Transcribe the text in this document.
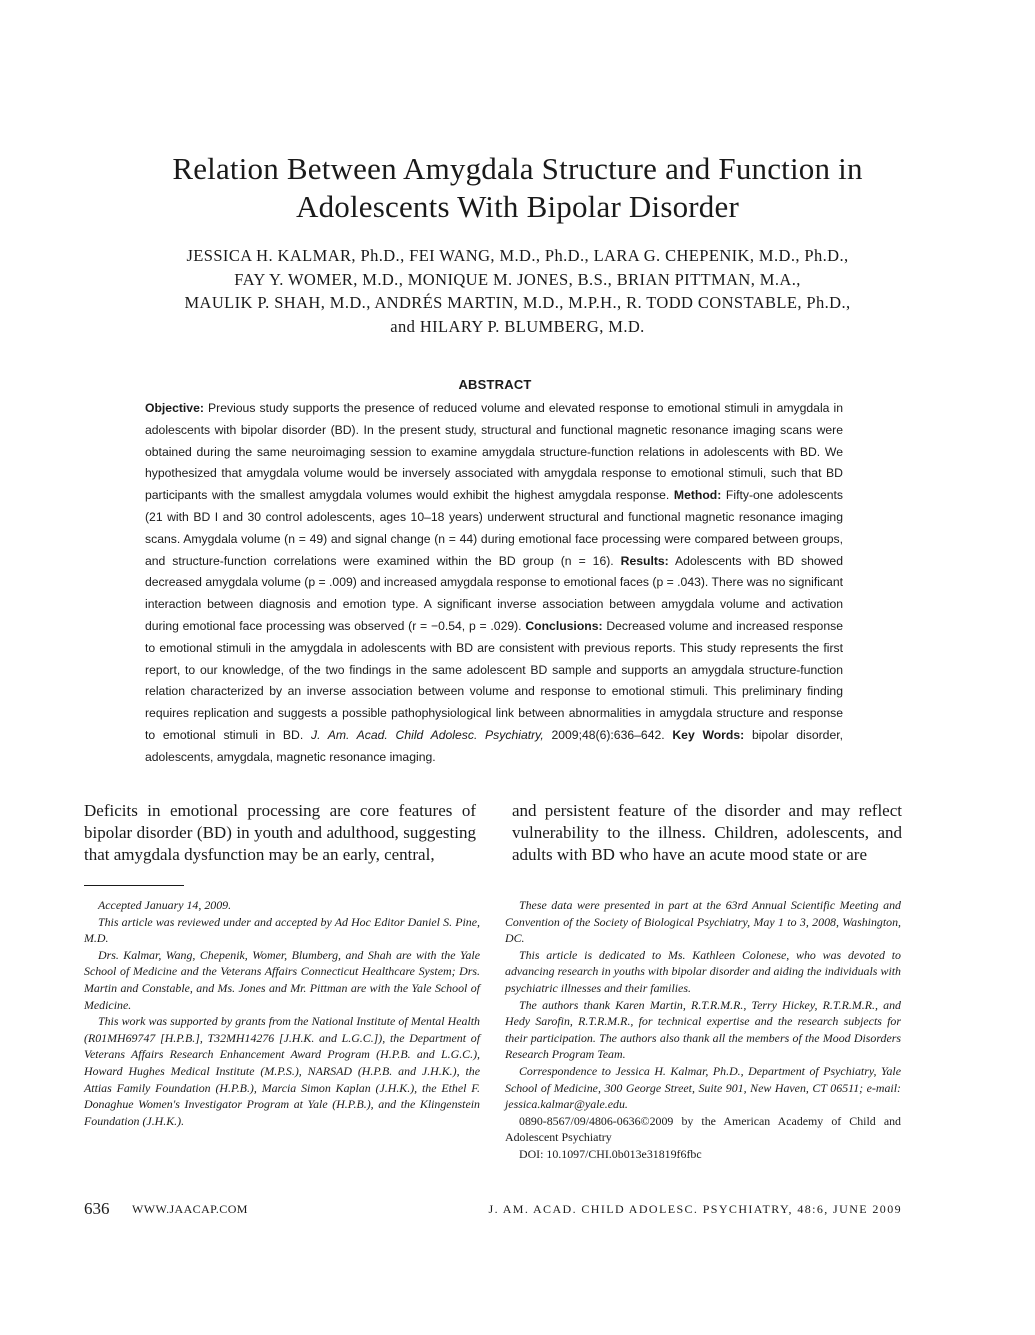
Relation Between Amygdala Structure and Function in
Adolescents With Bipolar Disorder
JESSICA H. KALMAR, Ph.D., FEI WANG, M.D., Ph.D., LARA G. CHEPENIK, M.D., Ph.D.,
FAY Y. WOMER, M.D., MONIQUE M. JONES, B.S., BRIAN PITTMAN, M.A.,
MAULIK P. SHAH, M.D., ANDRÉS MARTIN, M.D., M.P.H., R. TODD CONSTABLE, Ph.D.,
and HILARY P. BLUMBERG, M.D.
ABSTRACT
Objective: Previous study supports the presence of reduced volume and elevated response to emotional stimuli in amygdala in adolescents with bipolar disorder (BD). In the present study, structural and functional magnetic resonance imaging scans were obtained during the same neuroimaging session to examine amygdala structure-function relations in adolescents with BD. We hypothesized that amygdala volume would be inversely associated with amygdala response to emotional stimuli, such that BD participants with the smallest amygdala volumes would exhibit the highest amygdala response. Method: Fifty-one adolescents (21 with BD I and 30 control adolescents, ages 10–18 years) underwent structural and functional magnetic resonance imaging scans. Amygdala volume (n = 49) and signal change (n = 44) during emotional face processing were compared between groups, and structure-function correlations were examined within the BD group (n = 16). Results: Adolescents with BD showed decreased amygdala volume (p = .009) and increased amygdala response to emotional faces (p = .043). There was no significant interaction between diagnosis and emotion type. A significant inverse association between amygdala volume and activation during emotional face processing was observed (r = −0.54, p = .029). Conclusions: Decreased volume and increased response to emotional stimuli in the amygdala in adolescents with BD are consistent with previous reports. This study represents the first report, to our knowledge, of the two findings in the same adolescent BD sample and supports an amygdala structure-function relation characterized by an inverse association between volume and response to emotional stimuli. This preliminary finding requires replication and suggests a possible pathophysiological link between abnormalities in amygdala structure and response to emotional stimuli in BD. J. Am. Acad. Child Adolesc. Psychiatry, 2009;48(6):636–642. Key Words: bipolar disorder, adolescents, amygdala, magnetic resonance imaging.
Deficits in emotional processing are core features of bipolar disorder (BD) in youth and adulthood, suggesting that amygdala dysfunction may be an early, central,
and persistent feature of the disorder and may reflect vulnerability to the illness. Children, adolescents, and adults with BD who have an acute mood state or are

Accepted January 14, 2009.

This article was reviewed under and accepted by Ad Hoc Editor Daniel S. Pine, M.D.

Drs. Kalmar, Wang, Chepenik, Womer, Blumberg, and Shah are with the Yale School of Medicine and the Veterans Affairs Connecticut Healthcare System; Drs. Martin and Constable, and Ms. Jones and Mr. Pittman are with the Yale School of Medicine.

This work was supported by grants from the National Institute of Mental Health (R01MH69747 [H.P.B.], T32MH14276 [J.H.K. and L.G.C.]), the Department of Veterans Affairs Research Enhancement Award Program (H.P.B. and L.G.C.), Howard Hughes Medical Institute (M.P.S.), NARSAD (H.P.B. and J.H.K.), the Attias Family Foundation (H.P.B.), Marcia Simon Kaplan (J.H.K.), the Ethel F. Donaghue Women's Investigator Program at Yale (H.P.B.), and the Klingenstein Foundation (J.H.K.).

These data were presented in part at the 63rd Annual Scientific Meeting and Convention of the Society of Biological Psychiatry, May 1 to 3, 2008, Washington, DC.

This article is dedicated to Ms. Kathleen Colonese, who was devoted to advancing research in youths with bipolar disorder and aiding the individuals with psychiatric illnesses and their families.

The authors thank Karen Martin, R.T.R.M.R., Terry Hickey, R.T.R.M.R., and Hedy Sarofin, R.T.R.M.R., for technical expertise and the research subjects for their participation. The authors also thank all the members of the Mood Disorders Research Program Team.

Correspondence to Jessica H. Kalmar, Ph.D., Department of Psychiatry, Yale School of Medicine, 300 George Street, Suite 901, New Haven, CT 06511; e-mail: jessica.kalmar@yale.edu.

0890-8567/09/4806-0636©2009 by the American Academy of Child and Adolescent Psychiatry

DOI: 10.1097/CHI.0b013e31819f6fbc

636 WWW.JAACAP.COM	J. AM. ACAD. CHILD ADOLESC. PSYCHIATRY, 48:6, JUNE 2009
